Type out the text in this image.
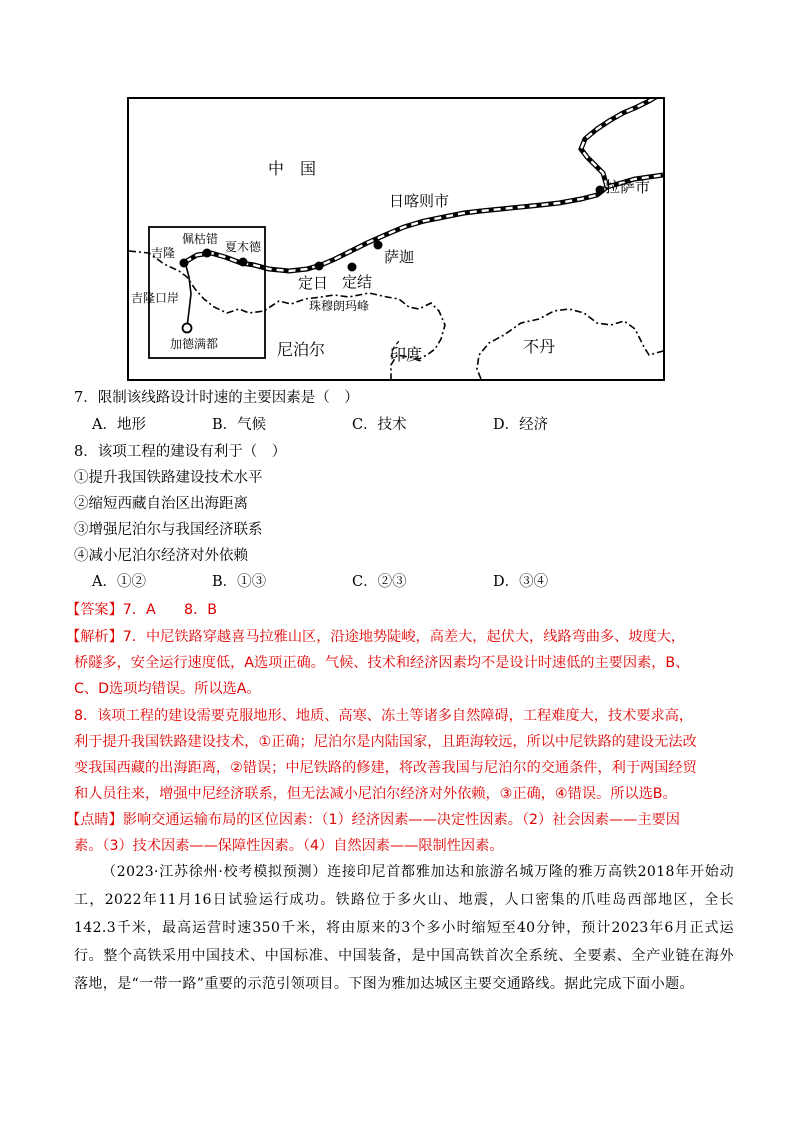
中　国
拉萨市
日喀则市
萨迦
定日 定结
珠穆朗玛峰
夏木德
佩枯错
吉隆
吉隆口岸
加德满都	尼泊尔	印度	不丹
7．限制该线路设计时速的主要因素是（　）
A．地形	B．气候	C．技术	D．经济
8．该项工程的建设有利于（　）
①提升我国铁路建设技术水平
②缩短西藏自治区出海距离
③增强尼泊尔与我国经济联系
④减小尼泊尔经济对外依赖
A．①②	B．①③	C．②③	D．③④
【答案】7．A　　8．B
【解析】7．中尼铁路穿越喜马拉雅山区，沿途地势陡峻，高差大，起伏大，线路弯曲多、坡度大，
桥隧多，安全运行速度低，A选项正确。气候、技术和经济因素均不是设计时速低的主要因素，B、
C、D选项均错误。所以选A。
8．该项工程的建设需要克服地形、地质、高寒、冻土等诸多自然障碍，工程难度大，技术要求高，
利于提升我国铁路建设技术，①正确；尼泊尔是内陆国家，且距海较远，所以中尼铁路的建设无法改
变我国西藏的出海距离，②错误；中尼铁路的修建，将改善我国与尼泊尔的交通条件，利于两国经贸
和人员往来，增强中尼经济联系，但无法减小尼泊尔经济对外依赖，③正确，④错误。所以选B。
【点睛】影响交通运输布局的区位因素：（1）经济因素——决定性因素。（2）社会因素——主要因
素。（3）技术因素——保障性因素。（4）自然因素——限制性因素。
（2023·江苏徐州·校考模拟预测）连接印尼首都雅加达和旅游名城万隆的雅万高铁2018年开始动工，2022年11月16日试验运行成功。铁路位于多火山、地震，人口密集的爪哇岛西部地区，全长142.3千米，最高运营时速350千米，将由原来的3个多小时缩短至40分钟，预计2023年6月正式运行。整个高铁采用中国技术、中国标准、中国装备，是中国高铁首次全系统、全要素、全产业链在海外落地，是“一带一路”重要的示范引领项目。下图为雅加达城区主要交通路线。据此完成下面小题。
